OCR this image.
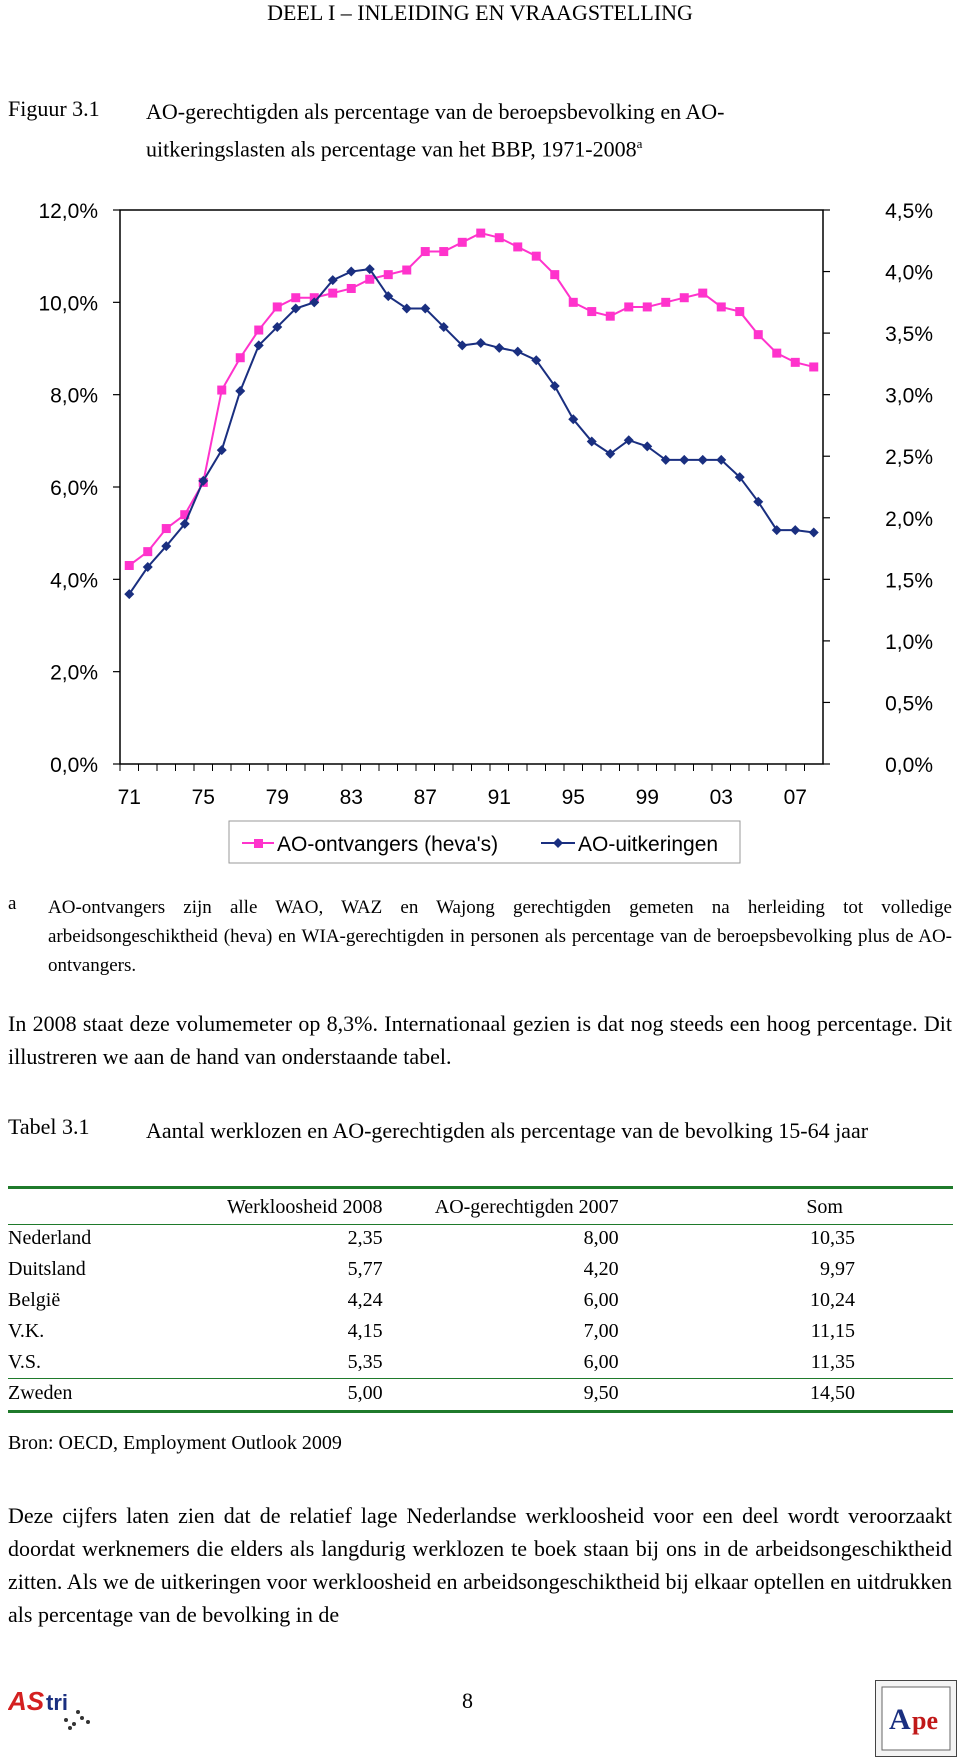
DEEL I – INLEIDING EN VRAAGSTELLING
Figuur 3.1 AO-gerechtigden als percentage van de beroepsbevolking en AO-uitkeringslasten als percentage van het BBP, 1971-2008$^a$
12,0%
10,0%
8,0%
6,0%
4,0%
2,0%
0,0%
4,5%
4,0%
3,5%
3,0%
2,5%
2,0%
1,5%
1,0%
0,5%
0,0%
71 75 79 83 87 91 95 99 03 07
AO-ontvangers (heva's)	AO-uitkeringen
a AO-ontvangers zijn alle WAO, WAZ en Wajong gerechtigden gemeten na herleiding tot volledige arbeidsongeschiktheid (heva) en WIA-gerechtigden in personen als percentage van de beroepsbevolking plus de AO-ontvangers.
In 2008 staat deze volumemeter op 8,3%. Internationaal gezien is dat nog steeds een hoog percentage. Dit illustreren we aan de hand van onderstaande tabel.
Tabel 3.1	Aantal werklozen en AO-gerechtigden als percentage van de bevolking 15-64 jaar
	Werkloosheid 2008	AO-gerechtigden 2007	Som
Nederland	2,35	8,00	10,35
Duitsland	5,77	4,20	9,97
België	4,24	6,00	10,24
V.K.	4,15	7,00	11,15
V.S.	5,35	6,00	11,35
Zweden	5,00	9,50	14,50
Bron: OECD, Employment Outlook 2009
Deze cijfers laten zien dat de relatief lage Nederlandse werkloosheid voor een deel wordt veroorzaakt doordat werknemers die elders als langdurig werklozen te boek staan bij ons in de arbeidsongeschiktheid zitten. Als we de uitkeringen voor werkloosheid en arbeidsongeschiktheid bij elkaar optellen en uitdrukken als percentage van de bevolking in de
AS tri	8
A pe
